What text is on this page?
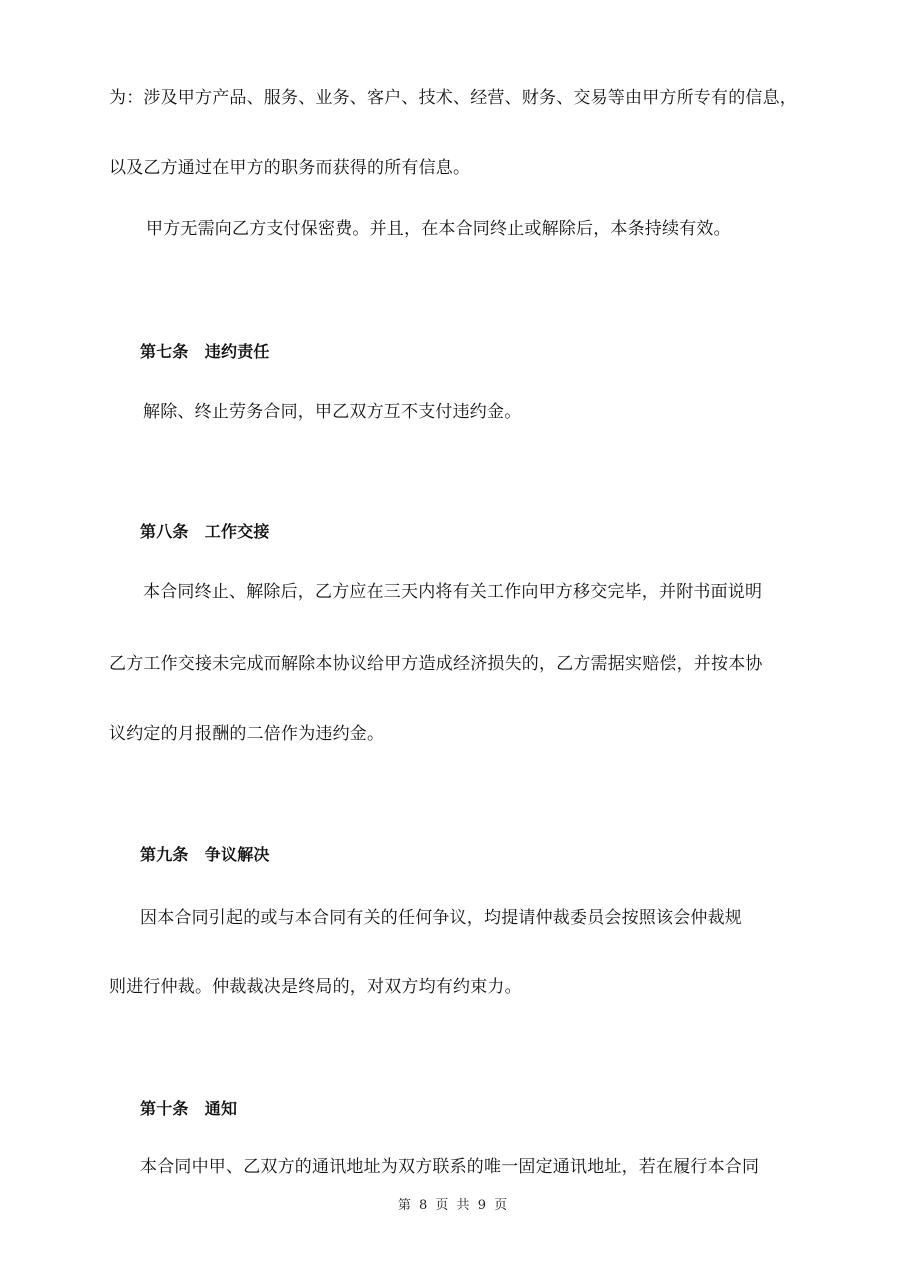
为：涉及甲方产品、服务、业务、客户、技术、经营、财务、交易等由甲方所专有的信息，
以及乙方通过在甲方的职务而获得的所有信息。
甲方无需向乙方支付保密费。并且，在本合同终止或解除后，本条持续有效。
第七条　违约责任
解除、终止劳务合同，甲乙双方互不支付违约金。
第八条　工作交接
本合同终止、解除后，乙方应在三天内将有关工作向甲方移交完毕，并附书面说明
乙方工作交接未完成而解除本协议给甲方造成经济损失的，乙方需据实赔偿，并按本协
议约定的月报酬的二倍作为违约金。
第九条　争议解决
因本合同引起的或与本合同有关的任何争议，均提请仲裁委员会按照该会仲裁规
则进行仲裁。仲裁裁决是终局的，对双方均有约束力。
第十条　通知
本合同中甲、乙双方的通讯地址为双方联系的唯一固定通讯地址，若在履行本合同
第 8 页 共 9 页
